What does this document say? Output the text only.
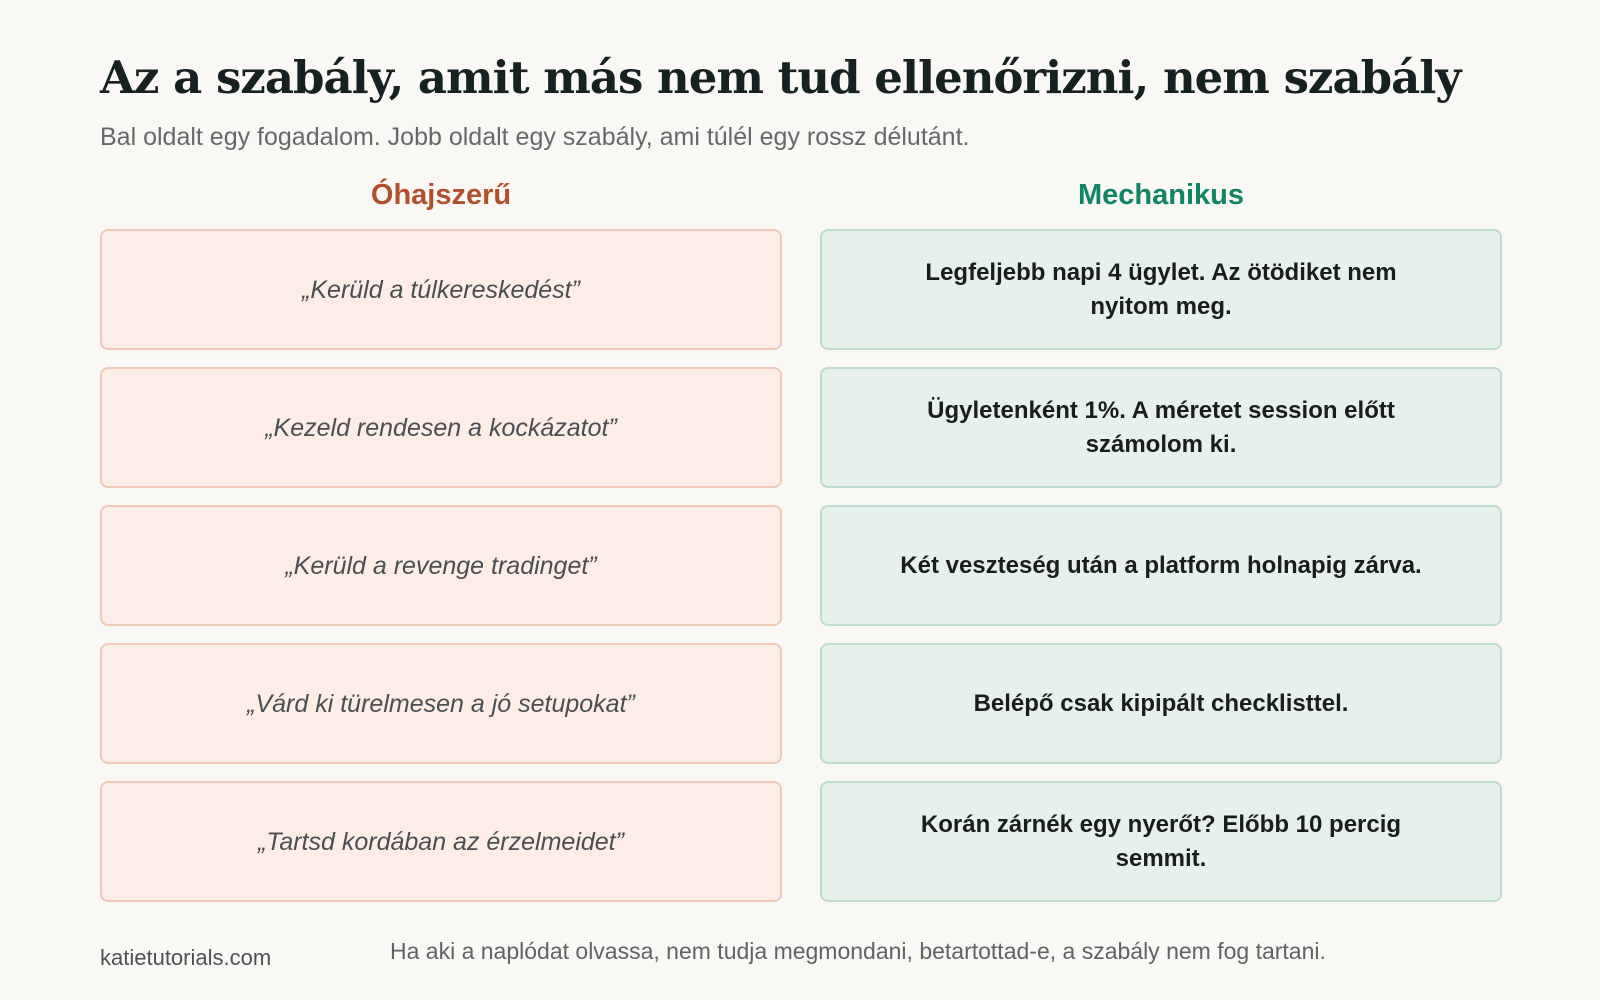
Az a szabály, amit más nem tud ellenőrizni, nem szabály

Bal oldalt egy fogadalom. Jobb oldalt egy szabály, ami túlél egy rossz délutánt.

Óhajszerű	Mechanikus
„Kerüld a túlkereskedést”
„Kezeld rendesen a kockázatot”
„Kerüld a revenge tradinget”
„Várd ki türelmesen a jó setupokat”
„Tartsd kordában az érzelmeidet”
Legfeljebb napi 4 ügylet. Az ötödiket nem nyitom meg.
Ügyletenként 1%. A méretet session előtt számolom ki.
Két veszteség után a platform holnapig zárva.
Belépő csak kipipált checklisttel.
Korán zárnék egy nyerőt? Előbb 10 percig semmit.

katietutorials.com	Ha aki a naplódat olvassa, nem tudja megmondani, betartottad-e, a szabály nem fog tartani.
